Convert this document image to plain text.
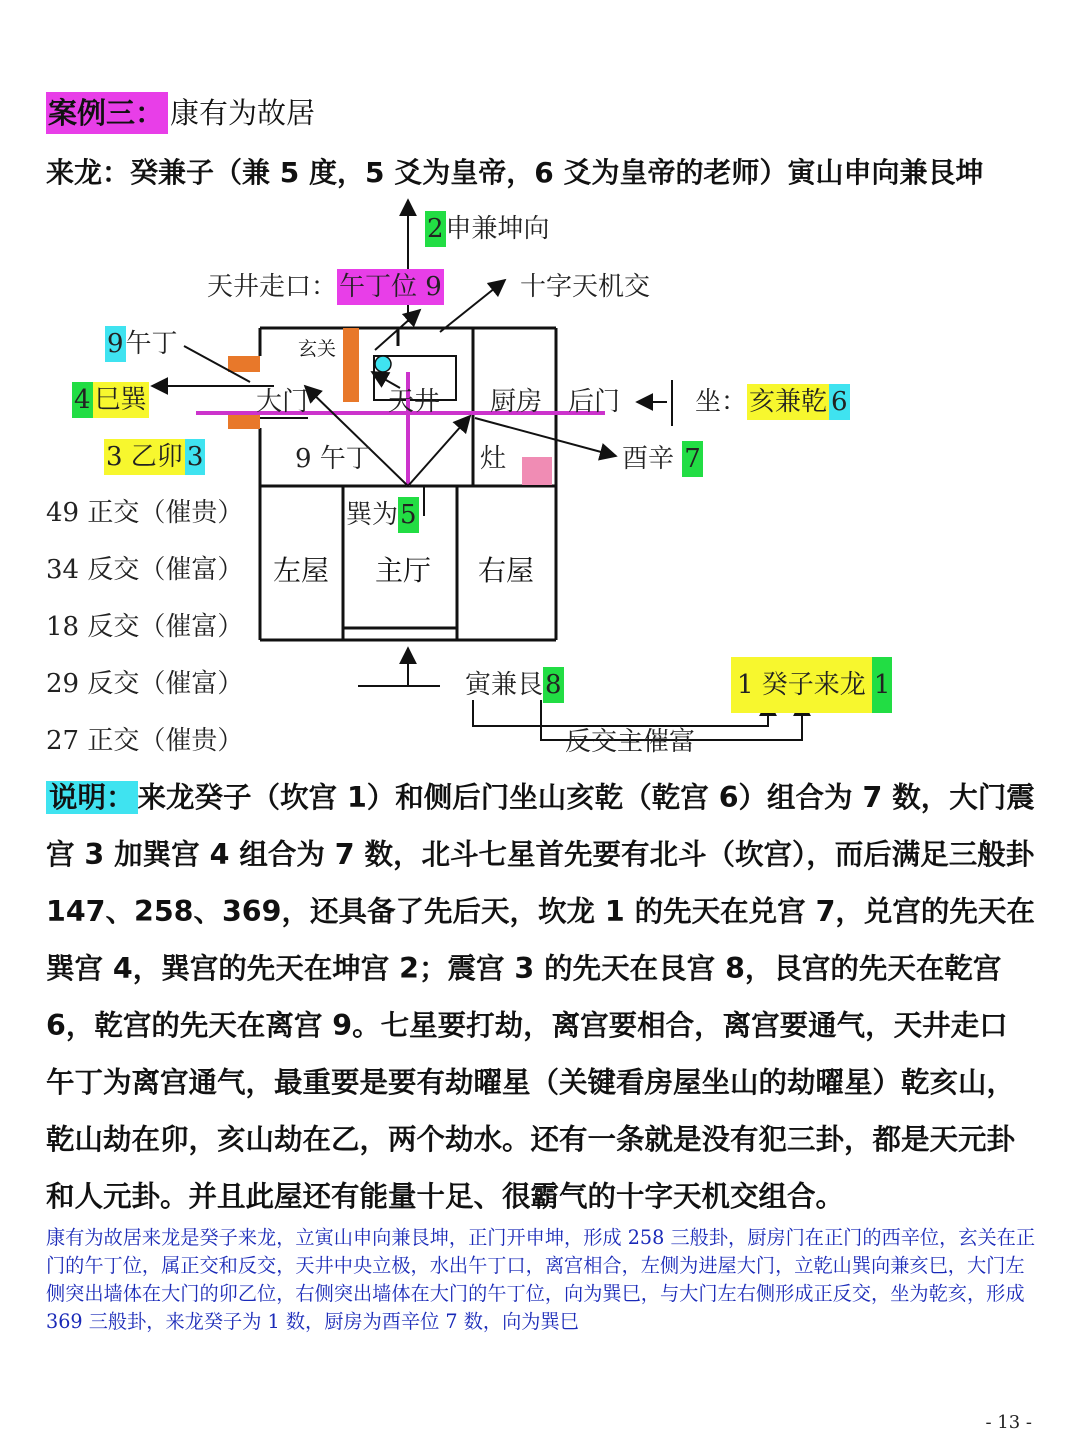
案例三： 康有为故居
来龙：癸兼子（兼 5 度，5 爻为皇帝，6 爻为皇帝的老师）寅山申向兼艮坤
2申兼坤向
天井走口：午丁位 9	十字天机交
9午丁
4 巳巽
3 乙卯 3
玄关
大门	天井 厨房 后门	坐：亥兼乾 6
9 午丁	灶	酉辛 7
巽为5
左屋 主厅 右屋
寅兼艮8	1 癸子来龙 1
反交主催富
49 正交（催贵）
34 反交（催富）
18 反交（催富）
29 反交（催富）
27 正交（催贵）
说明： 来龙癸子（坎宫 1）和侧后门坐山亥乾（乾宫 6）组合为 7 数，大门震宫 3 加巽宫 4 组合为 7 数，北斗七星首先要有北斗（坎宫），而后满足三般卦 147、258、369，还具备了先后天，坎龙 1 的先天在兑宫 7，兑宫的先天在巽宫 4，巽宫的先天在坤宫 2；震宫 3 的先天在艮宫 8，艮宫的先天在乾宫 6，乾宫的先天在离宫 9。七星要打劫，离宫要相合，离宫要通气，天井走口午丁为离宫通气，最重要是要有劫曜星（关键看房屋坐山的劫曜星）乾亥山，乾山劫在卯，亥山劫在乙，两个劫水。还有一条就是没有犯三卦，都是天元卦和人元卦。并且此屋还有能量十足、很霸气的十字天机交组合。
康有为故居来龙是癸子来龙，立寅山申向兼艮坤，正门开申坤，形成 258 三般卦，厨房门在正门的西辛位，玄关在正门的午丁位，属正交和反交，天井中央立极，水出午丁口，离宫相合，左侧为进屋大门，立乾山巽向兼亥巳，大门左侧突出墙体在大门的卯乙位，右侧突出墙体在大门的午丁位，向为巽巳，与大门左右侧形成正反交，坐为乾亥，形成 369 三般卦，来龙癸子为 1 数，厨房为酉辛位 7 数，向为巽巳
- 13 -
